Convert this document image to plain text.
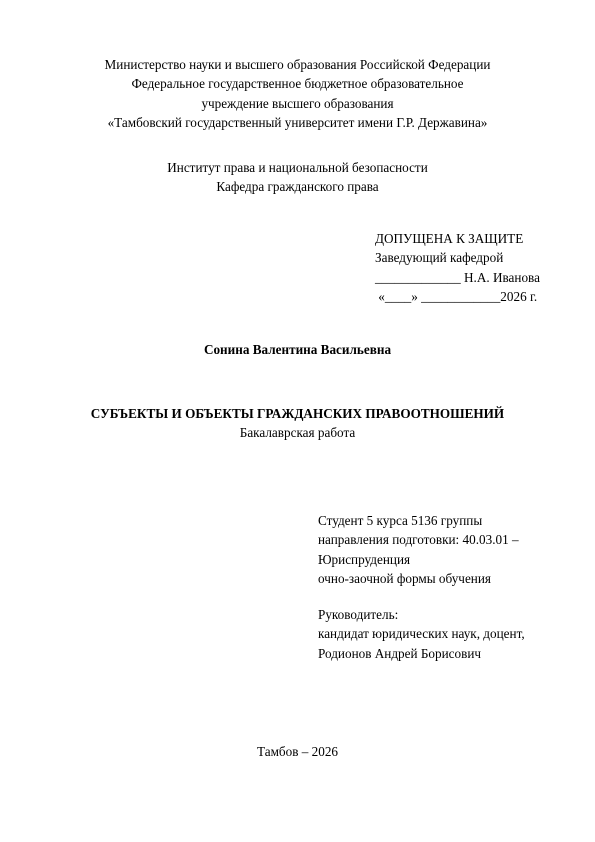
Министерство науки и высшего образования Российской Федерации
Федеральное государственное бюджетное образовательное
учреждение высшего образования
«Тамбовский государственный университет имени Г.Р. Державина»
Институт права и национальной безопасности
Кафедра гражданского права
ДОПУЩЕНА К ЗАЩИТЕ
Заведующий кафедрой
_____________ Н.А. Иванова
«____» ____________2026 г.
Сонина Валентина Васильевна
СУБЪЕКТЫ И ОБЪЕКТЫ ГРАЖДАНСКИХ ПРАВООТНОШЕНИЙ
Бакалаврская работа
Студент 5 курса 5136 группы
направления подготовки: 40.03.01 –
Юриспруденция
очно-заочной формы обучения
Руководитель:
кандидат юридических наук, доцент,
Родионов Андрей Борисович
Тамбов – 2026
